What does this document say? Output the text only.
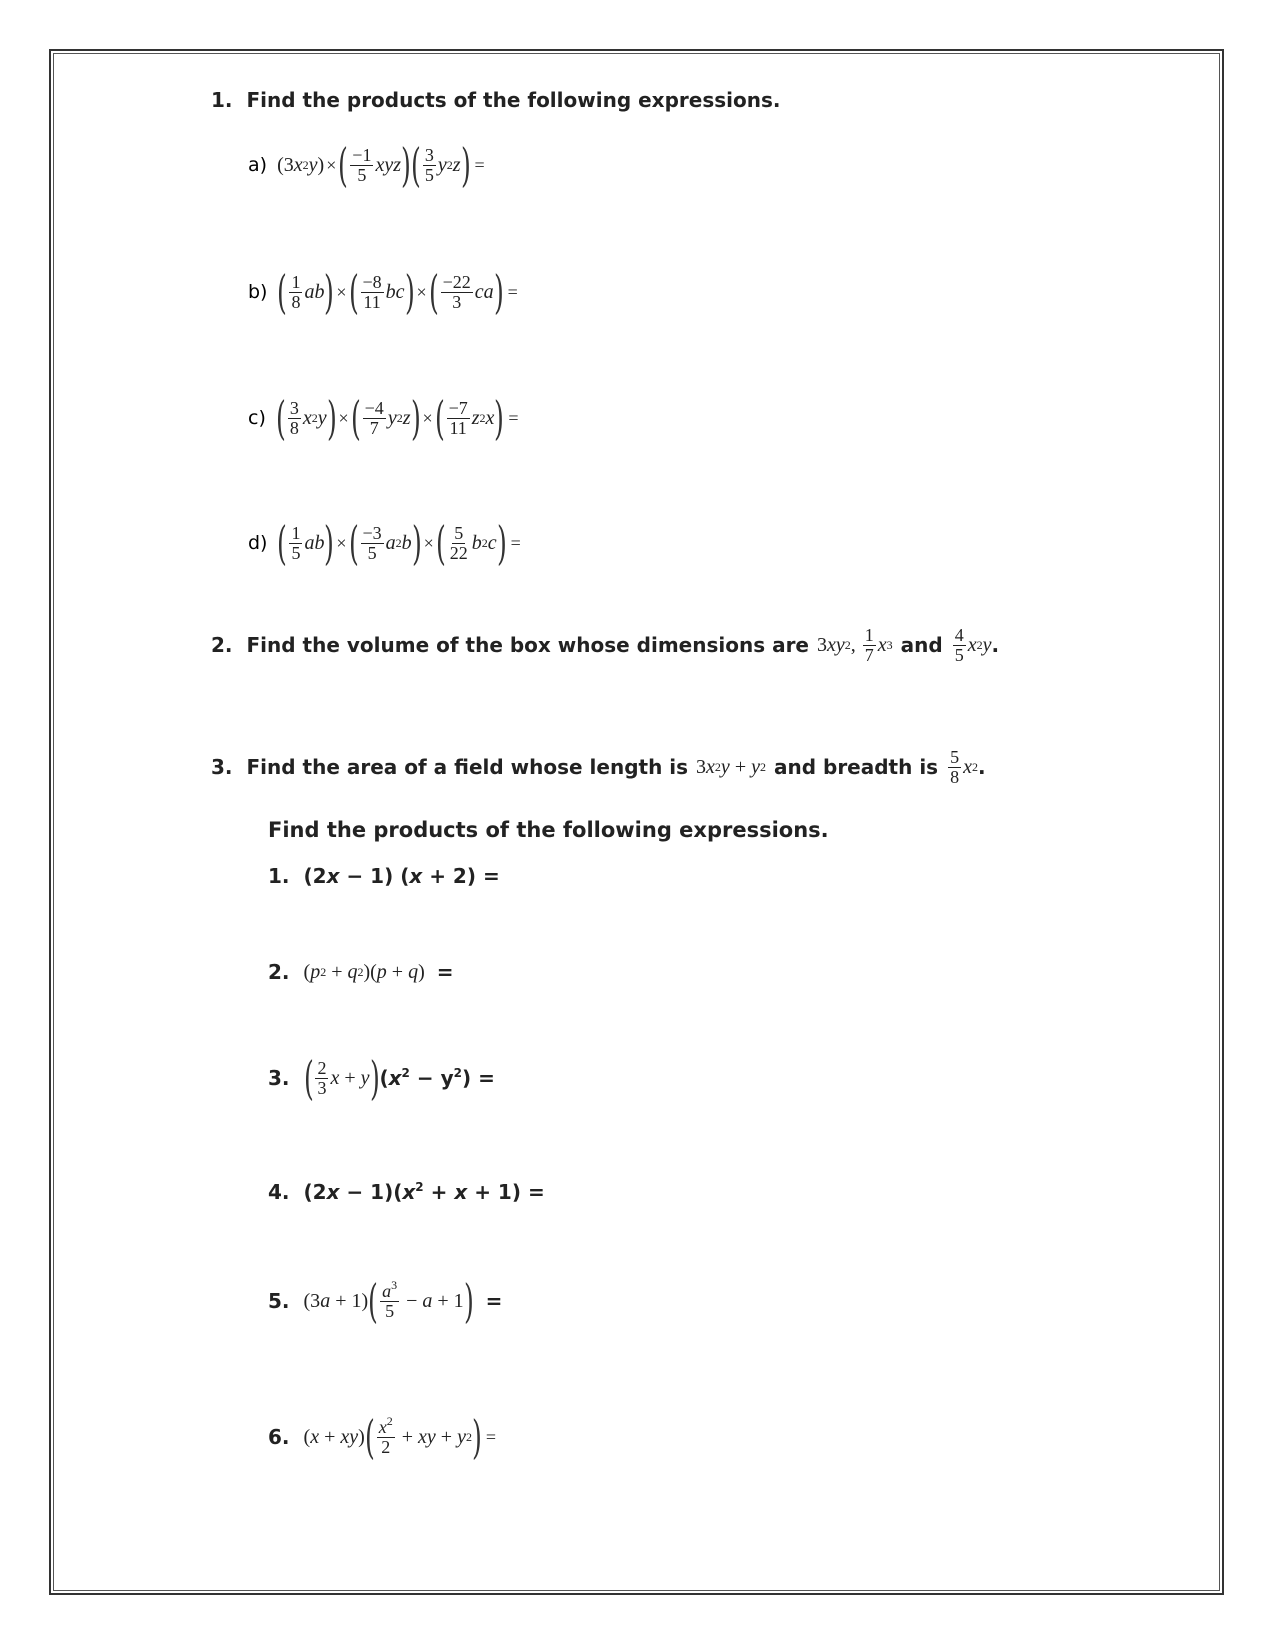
1. Find the products of the following expressions.
a) (3 x 2 y ) × ( $\frac{-1}{5}$ xyz ) ( $\frac{3}{5}$ y 2 z ) =
b) ( $\frac{1}{8}$ ab ) × ( $\frac{-8}{11}$ bc ) × ( $\frac{-22}{3}$ ca ) =
c) ( $\frac{3}{8}$ x 2 y ) × ( $\frac{-4}{7}$ y 2 z ) × ( $\frac{-7}{11}$ z 2 x ) =
d) ( $\frac{1}{5}$ ab ) × ( $\frac{-3}{5}$ a 2 b ) × ( $\frac{5}{22}$ b 2 c ) =
2. Find the volume of the box whose dimensions are 3 xy 2 , $\frac{1}{7}$ x 3 and $\frac{4}{5}$ x 2 y .
3. Find the area of a field whose length is 3 x 2 y + y 2 and breadth is $\frac{5}{8}$ x 2 .
Find the products of the following expressions.
1. (2x − 1) (x + 2) =
2. ( p 2 + q 2 )( p + q ) =
3. ( $\frac{2}{3}$ x + y ) $(x^2 - y^2)$ =
4. $(2x - 1)(x^2 + x + 1)$ =
5. (3 a + 1) ( $\frac{a^3}{5} - a + 1$ ) =
6. ( x + xy ) ( $\frac{x^2}{2}$ + xy + y 2 ) =
